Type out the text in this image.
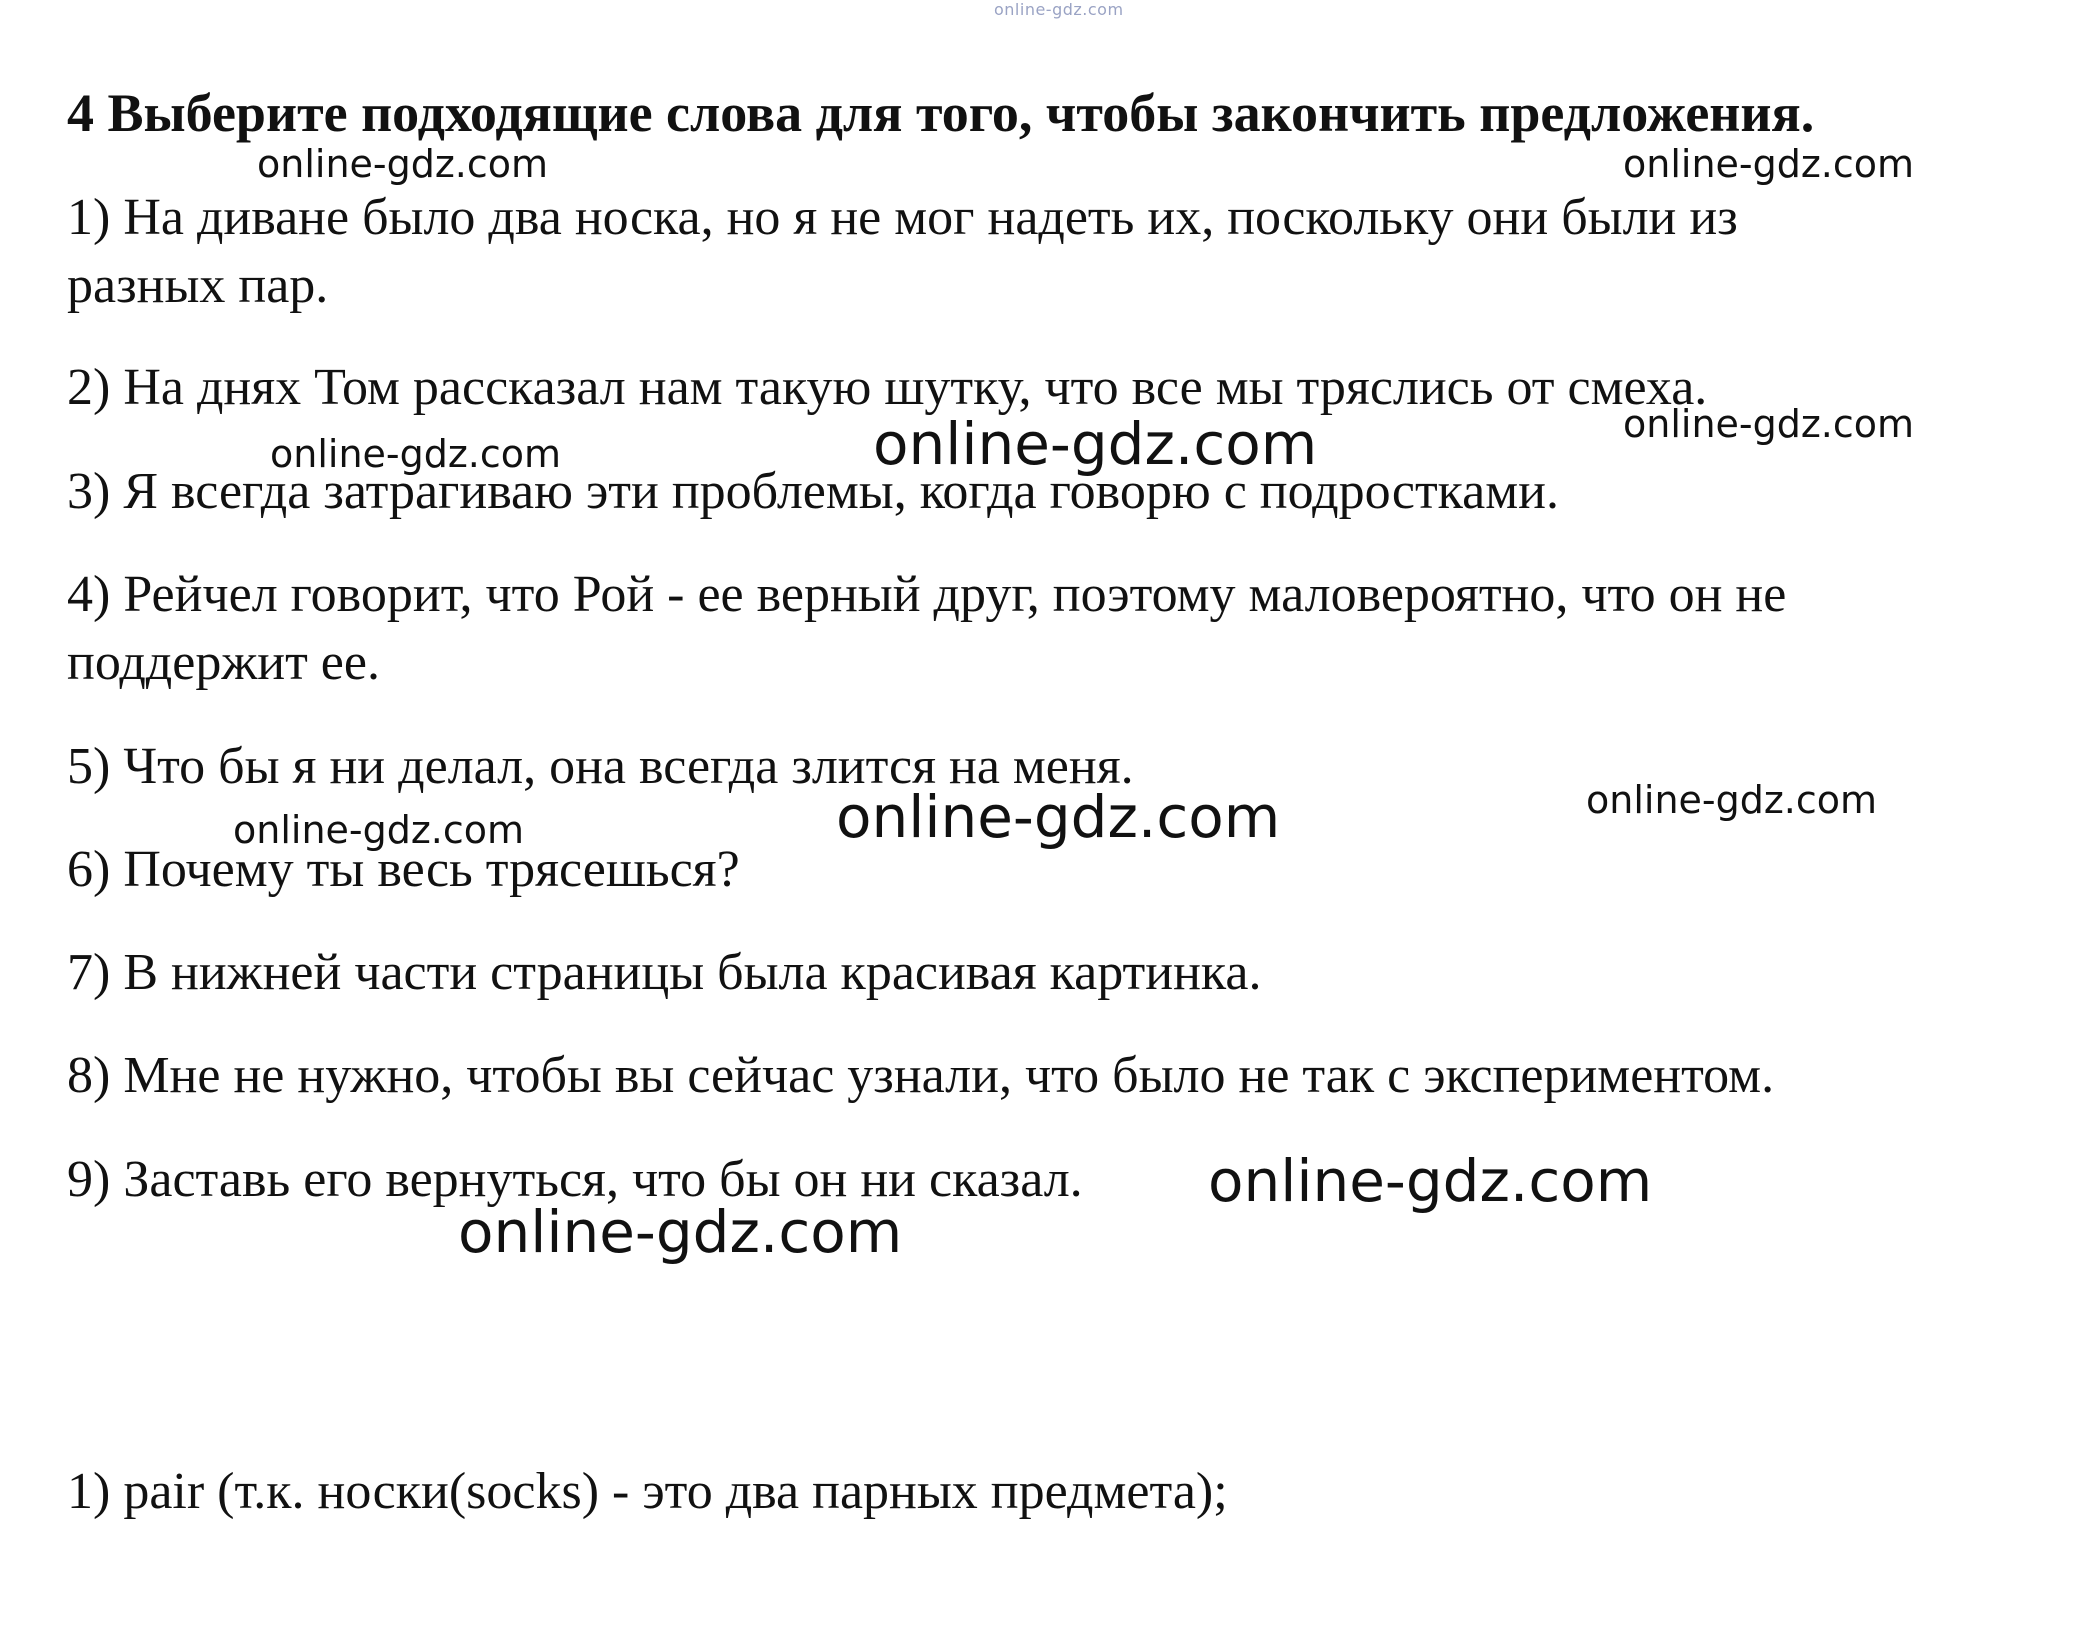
online-gdz.com
4 Выберите подходящие слова для того, чтобы закончить предложения.

1) На диване было два носка, но я не мог надеть их, поскольку они были из

разных пар.

2) На днях Том рассказал нам такую шутку, что все мы тряслись от смеха.

3) Я всегда затрагиваю эти проблемы, когда говорю с подростками.

4) Рейчел говорит, что Рой - ее верный друг, поэтому маловероятно, что он не

поддержит ее.

5) Что бы я ни делал, она всегда злится на меня.

6) Почему ты весь трясешься?

7) В нижней части страницы была красивая картинка.

8) Мне не нужно, чтобы вы сейчас узнали, что было не так с экспериментом.

9) Заставь его вернуться, что бы он ни сказал.

1) pair (т.к. носки(socks) - это два парных предмета);

online-gdz.com	online-gdz.com
online-gdz.com	online-gdz.com	online-gdz.com
online-gdz.com
online-gdz.com	online-gdz.com
online-gdz.com
online-gdz.com
